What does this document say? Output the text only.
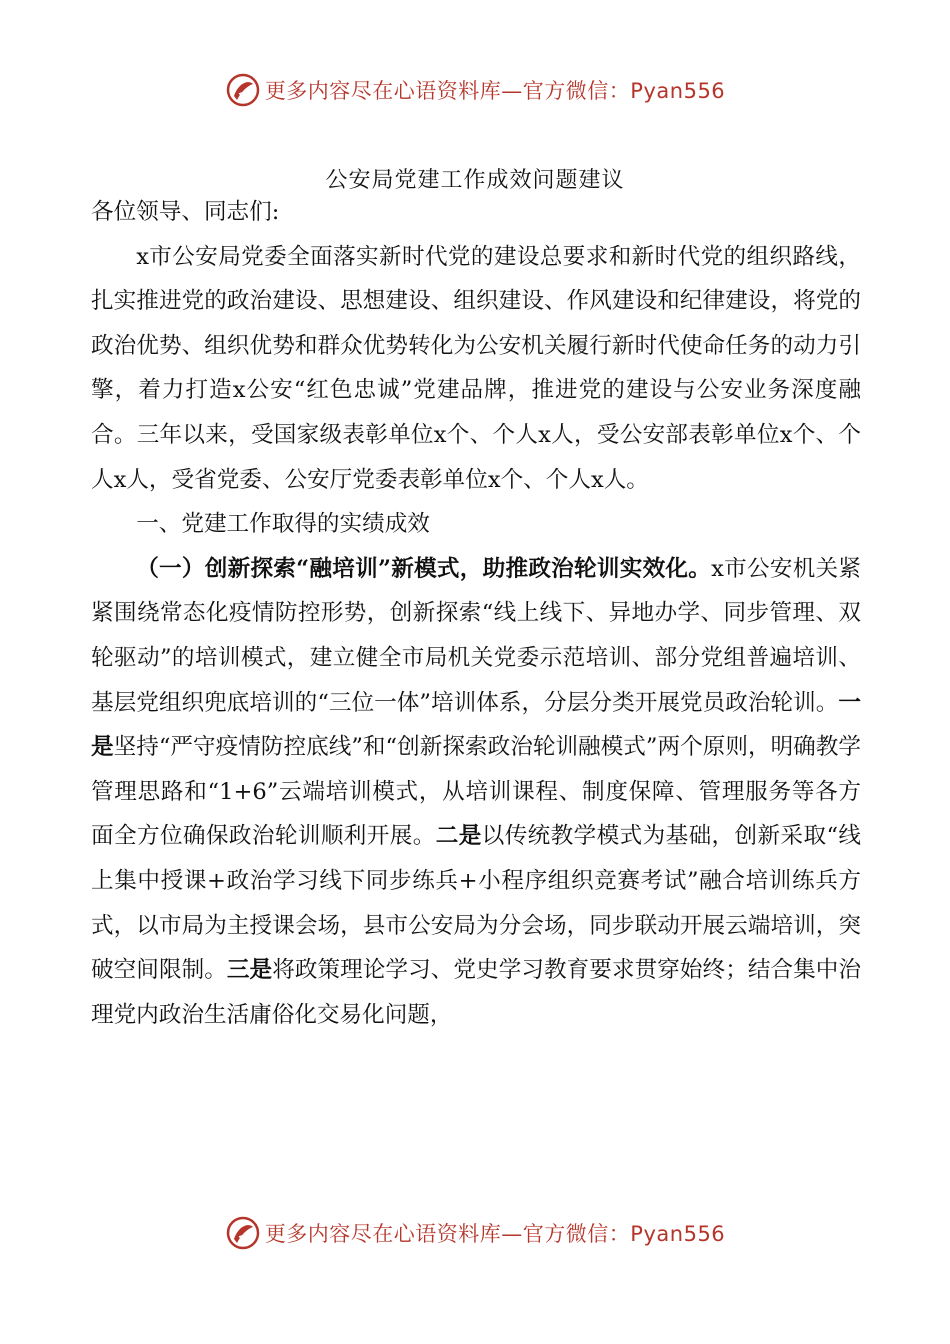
更多内容尽在心语资料库—官方微信：Pyan556
公安局党建工作成效问题建议

各位领导、同志们:

x市公安局党委全面落实新时代党的建设总要求和新时代党的组织路线，扎实推进党的政治建设、思想建设、组织建设、作风建设和纪律建设，将党的政治优势、组织优势和群众优势转化为公安机关履行新时代使命任务的动力引擎，着力打造x公安“红色忠诚”党建品牌，推进党的建设与公安业务深度融合。三年以来，受国家级表彰单位x个、个人x人，受公安部表彰单位x个、个人x人，受省党委、公安厅党委表彰单位x个、个人x人。

一、党建工作取得的实绩成效

（一）创新探索“融培训”新模式，助推政治轮训实效化。x市公安机关紧紧围绕常态化疫情防控形势，创新探索“线上线下、异地办学、同步管理、双轮驱动”的培训模式，建立健全市局机关党委示范培训、部分党组普遍培训、基层党组织兜底培训的“三位一体”培训体系，分层分类开展党员政治轮训。一是坚持“严守疫情防控底线”和“创新探索政治轮训融模式”两个原则，明确教学管理思路和“1+6”云端培训模式，从培训课程、制度保障、管理服务等各方面全方位确保政治轮训顺利开展。二是以传统教学模式为基础，创新采取“线上集中授课+政治学习线下同步练兵+小程序组织竞赛考试”融合培训练兵方式，以市局为主授课会场，县市公安局为分会场，同步联动开展云端培训，突破空间限制。三是将政策理论学习、党史学习教育要求贯穿始终；结合集中治理党内政治生活庸俗化交易化问题，

更多内容尽在心语资料库—官方微信：Pyan556
